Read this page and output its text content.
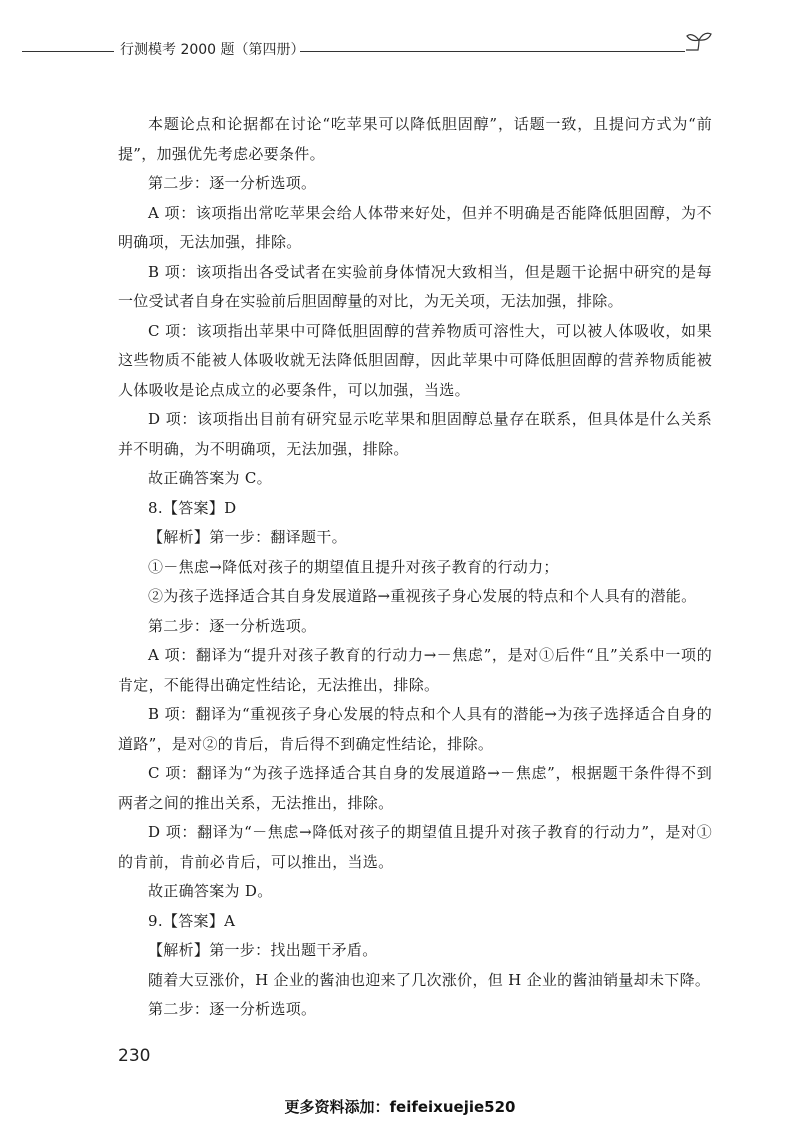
行测模考 2000 题（第四册）

本题论点和论据都在讨论“吃苹果可以降低胆固醇”，话题一致，且提问方式为“前提”，加强优先考虑必要条件。

第二步：逐一分析选项。

A 项：该项指出常吃苹果会给人体带来好处，但并不明确是否能降低胆固醇，为不明确项，无法加强，排除。

B 项：该项指出各受试者在实验前身体情况大致相当，但是题干论据中研究的是每一位受试者自身在实验前后胆固醇量的对比，为无关项，无法加强，排除。

C 项：该项指出苹果中可降低胆固醇的营养物质可溶性大，可以被人体吸收，如果这些物质不能被人体吸收就无法降低胆固醇，因此苹果中可降低胆固醇的营养物质能被人体吸收是论点成立的必要条件，可以加强，当选。

D 项：该项指出目前有研究显示吃苹果和胆固醇总量存在联系，但具体是什么关系并不明确，为不明确项，无法加强，排除。

故正确答案为 C。

8.【答案】D

【解析】第一步：翻译题干。

①－焦虑→降低对孩子的期望值且提升对孩子教育的行动力；

②为孩子选择适合其自身发展道路→重视孩子身心发展的特点和个人具有的潜能。

第二步：逐一分析选项。

A 项：翻译为“提升对孩子教育的行动力→－焦虑”，是对①后件“且”关系中一项的肯定，不能得出确定性结论，无法推出，排除。

B 项：翻译为“重视孩子身心发展的特点和个人具有的潜能→为孩子选择适合自身的道路”，是对②的肯后，肯后得不到确定性结论，排除。

C 项：翻译为“为孩子选择适合其自身的发展道路→－焦虑”，根据题干条件得不到两者之间的推出关系，无法推出，排除。

D 项：翻译为“－焦虑→降低对孩子的期望值且提升对孩子教育的行动力”，是对①的肯前，肯前必肯后，可以推出，当选。

故正确答案为 D。

9.【答案】A

【解析】第一步：找出题干矛盾。

随着大豆涨价，H 企业的酱油也迎来了几次涨价，但 H 企业的酱油销量却未下降。

第二步：逐一分析选项。

230
更多资料添加：feifeixuejie520
